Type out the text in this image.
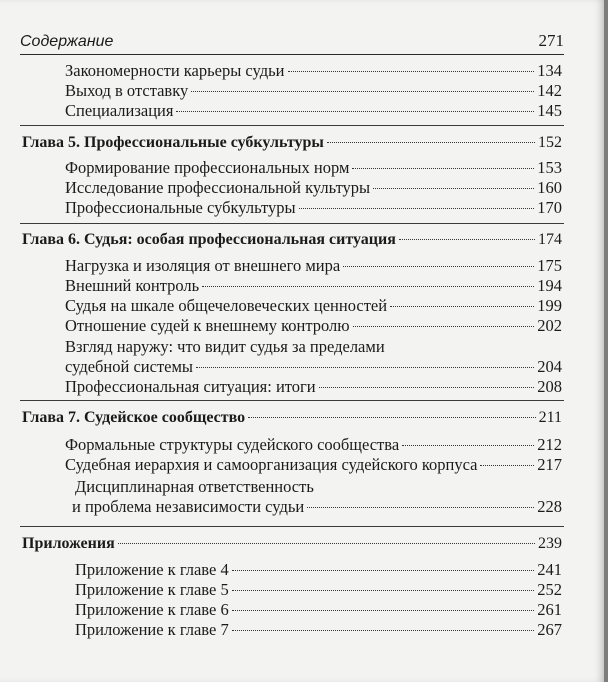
Содержание	271
Закономерности карьеры судьи	134
Выход в отставку	142
Специализация	145
Глава 5. Профессиональные субкультуры	152
Формирование профессиональных норм	153
Исследование профессиональной культуры	160
Профессиональные субкультуры	170
Глава 6. Судья: особая профессиональная ситуация	174
Нагрузка и изоляция от внешнего мира	175
Внешний контроль	194
Судья на шкале общечеловеческих ценностей	199
Отношение судей к внешнему контролю	202
Взгляд наружу: что видит судья за пределами
судебной системы	204
Профессиональная ситуация: итоги	208
Глава 7. Судейское сообщество	211
Формальные структуры судейского сообщества	212
Судебная иерархия и самоорганизация судейского корпуса	217
Дисциплинарная ответственность
и проблема независимости судьи	228
Приложения	239
Приложение к главе 4	241
Приложение к главе 5	252
Приложение к главе 6	261
Приложение к главе 7	267
